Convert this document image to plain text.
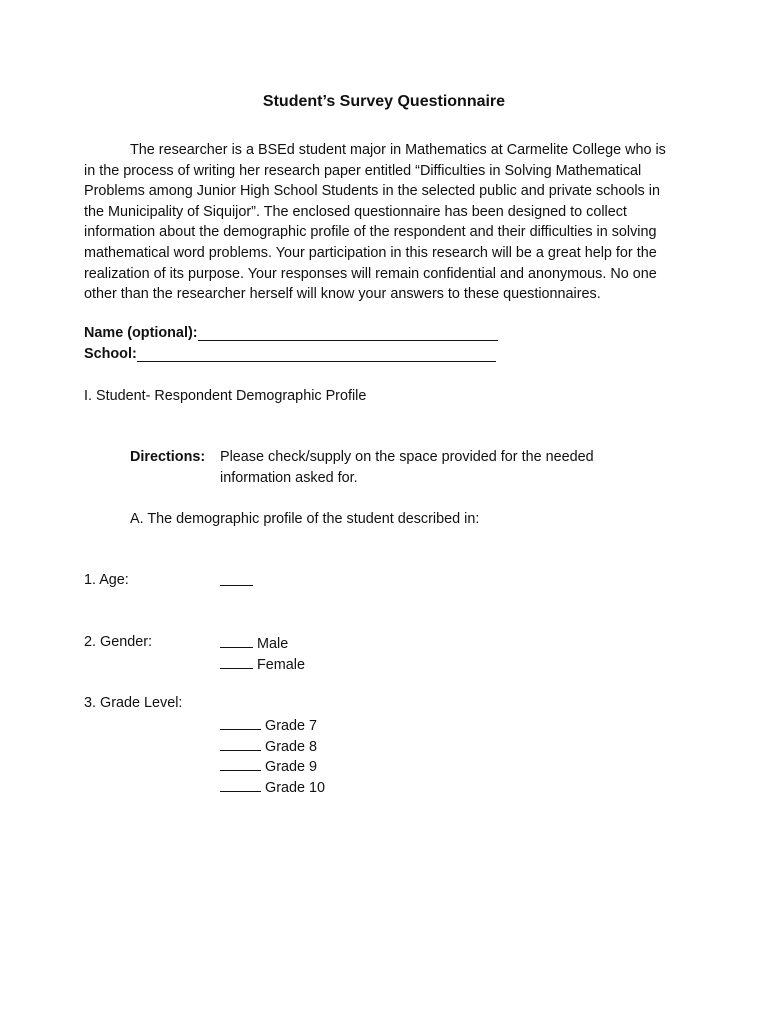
Student’s Survey Questionnaire
The researcher is a BSEd student major in Mathematics at Carmelite College who is
in the process of writing her research paper entitled “Difficulties in Solving Mathematical
Problems among Junior High School Students in the selected public and private schools in
the Municipality of Siquijor”. The enclosed questionnaire has been designed to collect
information about the demographic profile of the respondent and their difficulties in solving
mathematical word problems. Your participation in this research will be a great help for the
realization of its purpose. Your responses will remain confidential and anonymous. No one
other than the researcher herself will know your answers to these questionnaires.
Name (optional):
School:
I. Student- Respondent Demographic Profile
Directions: Please check/supply on the space provided for the needed
information asked for.
A. The demographic profile of the student described in:
1. Age:
2. Gender:	Male
Female
3. Grade Level:
Grade 7
Grade 8
Grade 9
Grade 10
